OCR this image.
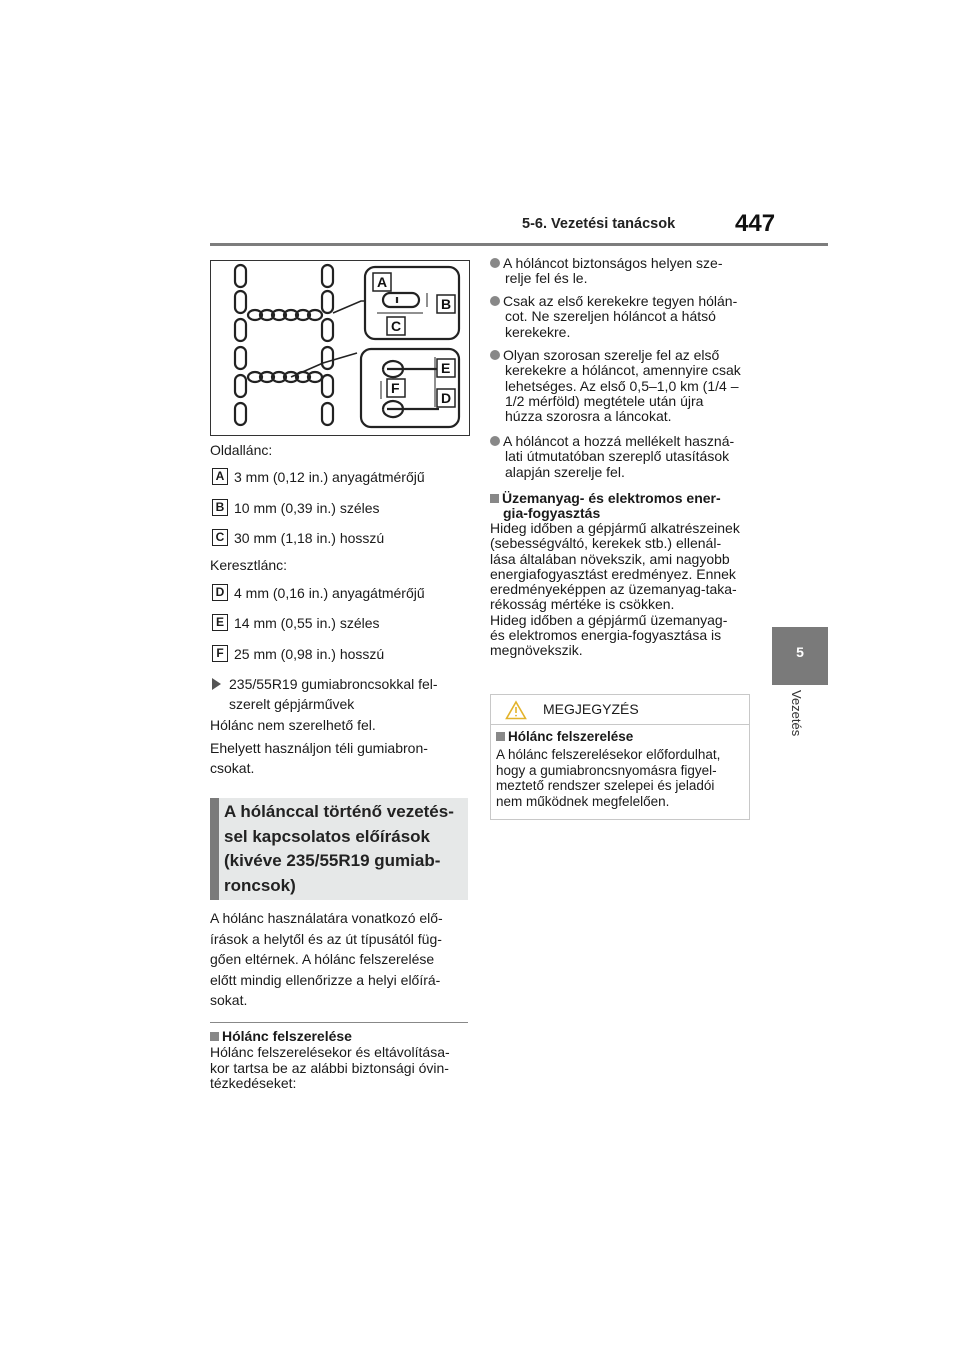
5-6. Vezetési tanácsok 447
5
Vezetés
A
B
C
E
F
D
Oldallánc:
A 3 mm (0,12 in.) anyagátmérőjű
B 10 mm (0,39 in.) széles
C 30 mm (1,18 in.) hosszú
Keresztlánc:
D 4 mm (0,16 in.) anyagátmérőjű
E 14 mm (0,55 in.) széles
F 25 mm (0,98 in.) hosszú
235/55R19 gumiabroncsokkal fel-
szerelt gépjárművek
Hólánc nem szerelhető fel.
Ehelyett használjon téli gumiabron-
csokat.
A hólánccal történő vezetés-
sel kapcsolatos előírások
(kivéve 235/55R19 gumiab-
roncsok)
A hólánc használatára vonatkozó elő-
írások a helytől és az út típusától füg-
gően eltérnek. A hólánc felszerelése
előtt mindig ellenőrizze a helyi előírá-
sokat.
Hólánc felszerelése
Hólánc felszerelésekor és eltávolítása-
kor tartsa be az alábbi biztonsági óvin-
tézkedéseket:
A hóláncot biztonságos helyen sze-
relje fel és le.
Csak az első kerekekre tegyen hólán-
cot. Ne szereljen hóláncot a hátsó
kerekekre.
Olyan szorosan szerelje fel az első
kerekekre a hóláncot, amennyire csak
lehetséges. Az első 0,5–1,0 km (1/4 –
1/2 mérföld) megtétele után újra
húzza szorosra a láncokat.
A hóláncot a hozzá mellékelt haszná-
lati útmutatóban szereplő utasítások
alapján szerelje fel.
Üzemanyag- és elektromos ener-
gia-fogyasztás
Hideg időben a gépjármű alkatrészeinek
(sebességváltó, kerekek stb.) ellenál-
lása általában növekszik, ami nagyobb
energiafogyasztást eredményez. Ennek
eredményeképpen az üzemanyag-taka-
rékosság mértéke is csökken.
Hideg időben a gépjármű üzemanyag-
és elektromos energia-fogyasztása is
megnövekszik.
MEGJEGYZÉS
Hólánc felszerelése
A hólánc felszerelésekor előfordulhat,
hogy a gumiabroncsnyomásra figyel-
meztető rendszer szelepei és jeladói
nem működnek megfelelően.
